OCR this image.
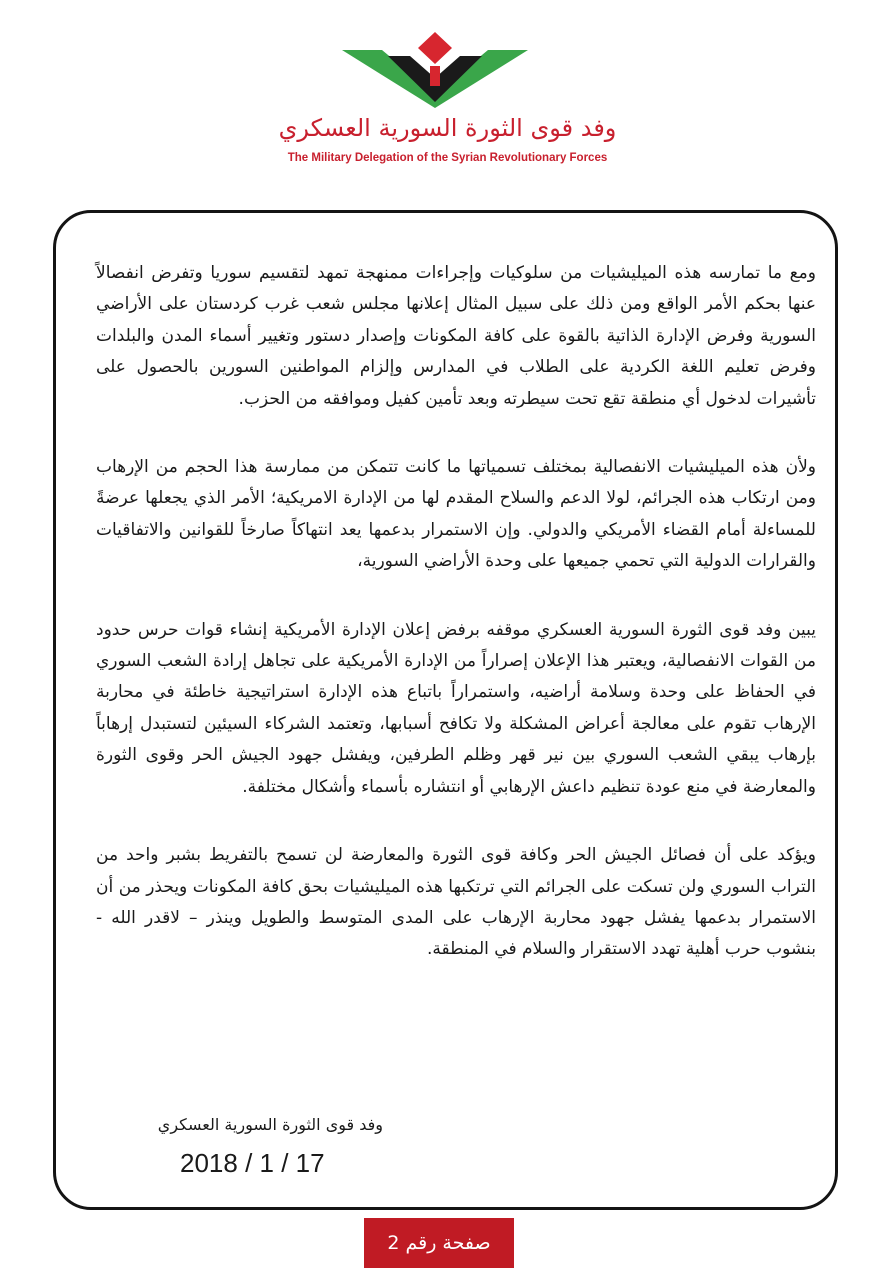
وفد قوى الثورة السورية العسكري
The Military Delegation of the Syrian Revolutionary Forces

ومع ما تمارسه هذه الميليشيات من سلوكيات وإجراءات ممنهجة تمهد لتقسيم سوريا وتفرض انفصالاً عنها بحكم الأمر الواقع ومن ذلك على سبيل المثال إعلانها مجلس شعب غرب كردستان على الأراضي السورية وفرض الإدارة الذاتية بالقوة على كافة المكونات وإصدار دستور وتغيير أسماء المدن والبلدات وفرض تعليم اللغة الكردية على الطلاب في المدارس وإلزام المواطنين السورين بالحصول على تأشيرات لدخول أي منطقة تقع تحت سيطرته وبعد تأمين كفيل وموافقه من الحزب.

ولأن هذه الميليشيات الانفصالية بمختلف تسمياتها ما كانت تتمكن من ممارسة هذا الحجم من الإرهاب ومن ارتكاب هذه الجرائم، لولا الدعم والسلاح المقدم لها من الإدارة الامريكية؛ الأمر الذي يجعلها عرضةً للمساءلة أمام القضاء الأمريكي والدولي. وإن الاستمرار بدعمها يعد انتهاكاً صارخاً للقوانين والاتفاقيات والقرارات الدولية التي تحمي جميعها على وحدة الأراضي السورية،

يبين وفد قوى الثورة السورية العسكري موقفه برفض إعلان الإدارة الأمريكية إنشاء قوات حرس حدود من القوات الانفصالية، ويعتبر هذا الإعلان إصراراً من الإدارة الأمريكية على تجاهل إرادة الشعب السوري في الحفاظ على وحدة وسلامة أراضيه، واستمراراً باتباع هذه الإدارة استراتيجية خاطئة في محاربة الإرهاب تقوم على معالجة أعراض المشكلة ولا تكافح أسبابها، وتعتمد الشركاء السيئين لتستبدل إرهاباً بإرهاب يبقي الشعب السوري بين نير قهر وظلم الطرفين، ويفشل جهود الجيش الحر وقوى الثورة والمعارضة في منع عودة تنظيم داعش الإرهابي أو انتشاره بأسماء وأشكال مختلفة.

ويؤكد على أن فصائل الجيش الحر وكافة قوى الثورة والمعارضة لن تسمح بالتفريط بشبر واحد من التراب السوري ولن تسكت على الجرائم التي ترتكبها هذه الميليشيات بحق كافة المكونات ويحذر من أن الاستمرار بدعمها يفشل جهود محاربة الإرهاب على المدى المتوسط والطويل وينذر – لاقدر الله - بنشوب حرب أهلية تهدد الاستقرار والسلام في المنطقة.

وفد قوى الثورة السورية العسكري
2018 / 1 / 17
صفحة رقم 2
